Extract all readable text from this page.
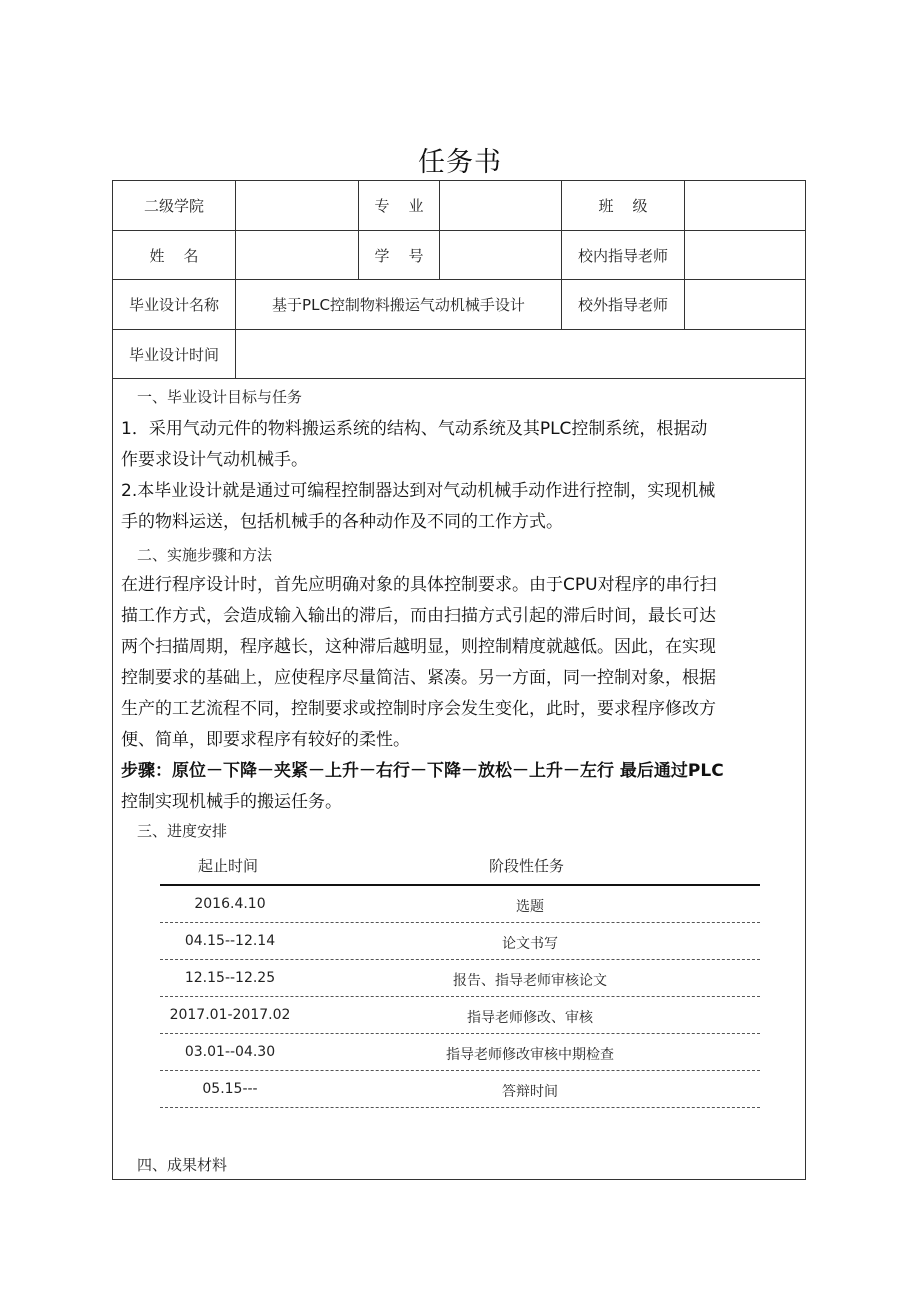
任务书
二级学院	专    业	班    级
姓    名	学    号	校内指导老师
毕业设计名称	基于PLC控制物料搬运气动机械手设计	校外指导老师
毕业设计时间
一、毕业设计目标与任务

1．采用气动元件的物料搬运系统的结构、气动系统及其PLC控制系统，根据动
作要求设计气动机械手。

2.本毕业设计就是通过可编程控制器达到对气动机械手动作进行控制，实现机械
手的物料运送，包括机械手的各种动作及不同的工作方式。

二、实施步骤和方法

在进行程序设计时，首先应明确对象的具体控制要求。由于CPU对程序的串行扫
描工作方式，会造成输入输出的滞后，而由扫描方式引起的滞后时间，最长可达
两个扫描周期，程序越长，这种滞后越明显，则控制精度就越低。因此，在实现
控制要求的基础上，应使程序尽量简洁、紧凑。另一方面，同一控制对象，根据
生产的工艺流程不同，控制要求或控制时序会发生变化，此时，要求程序修改方
便、简单，即要求程序有较好的柔性。
步骤：原位－下降－夹紧－上升－右行－下降－放松－上升－左行 最后通过PLC
控制实现机械手的搬运任务。

三、进度安排
起止时间	阶段性任务
2016.4.10	选题
04.15--12.14	论文书写
12.15--12.25	报告、指导老师审核论文
2017.01-2017.02	指导老师修改、审核
03.01--04.30	指导老师修改审核中期检查
05.15---	答辩时间
四、成果材料
